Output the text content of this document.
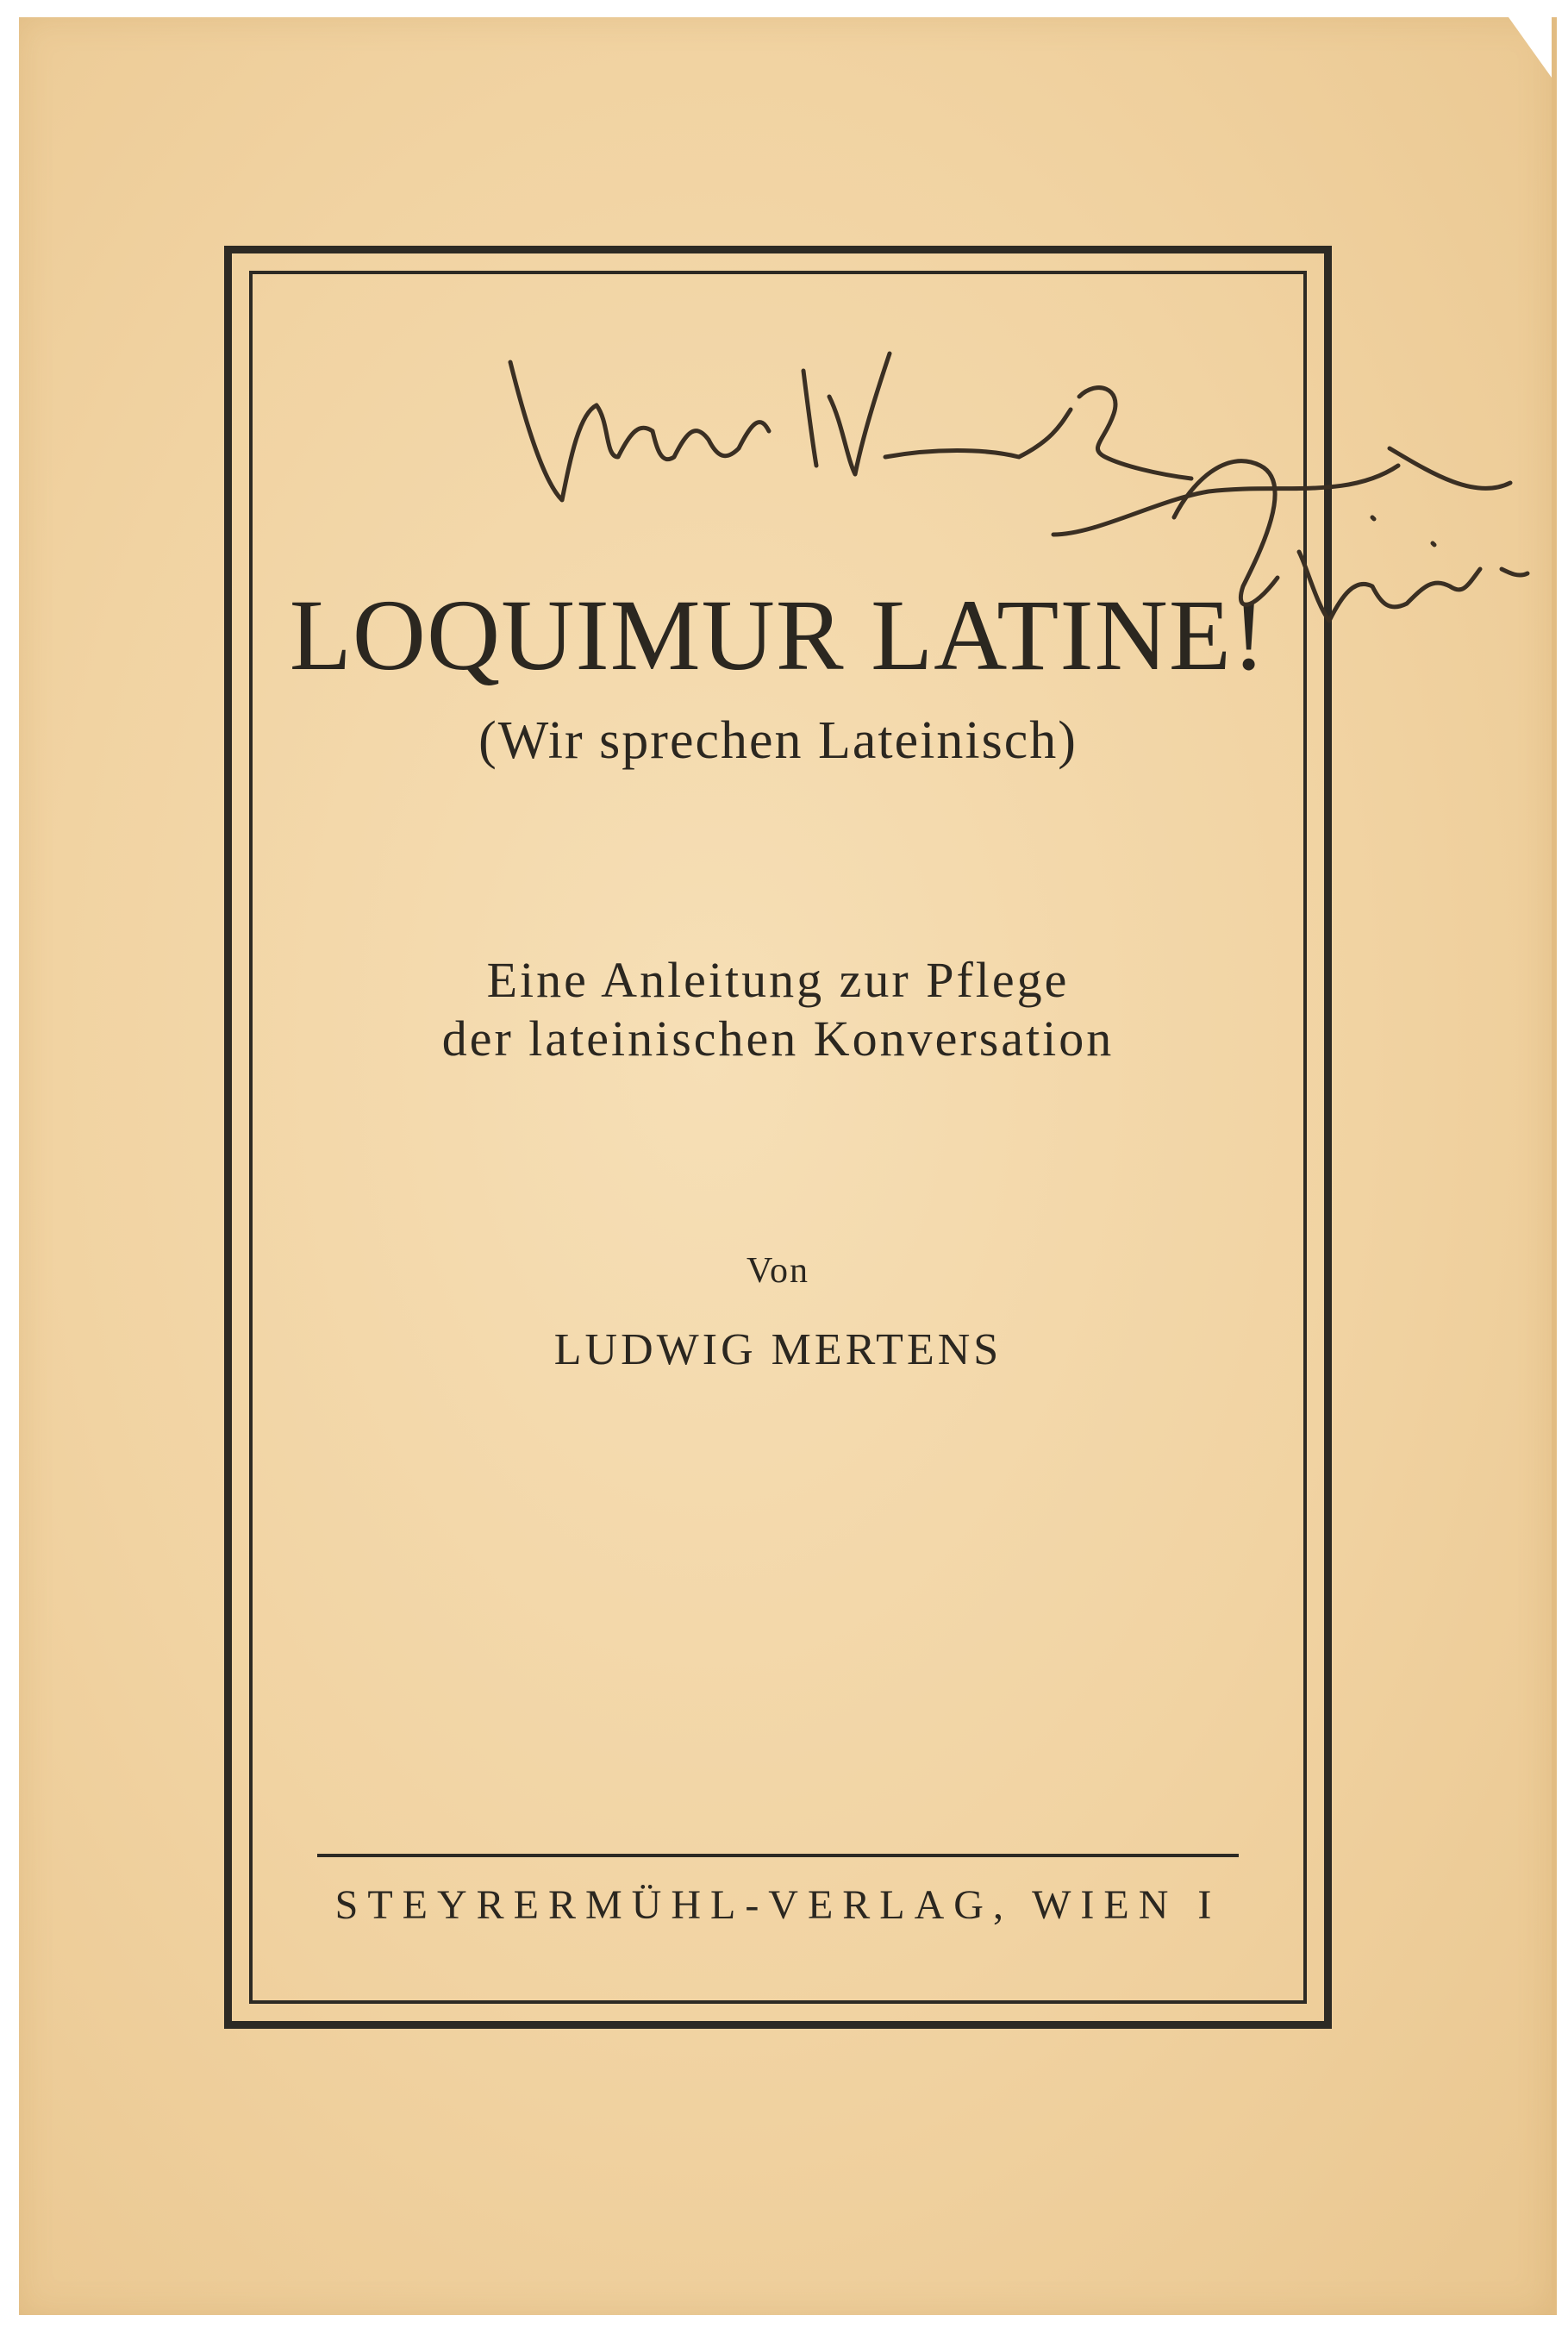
LOQUIMUR LATINE!
(Wir sprechen Lateinisch)
Eine Anleitung zur Pflege
der lateinischen Konversation
Von
LUDWIG MERTENS
STEYRERMÜHL-VERLAG, WIEN I
